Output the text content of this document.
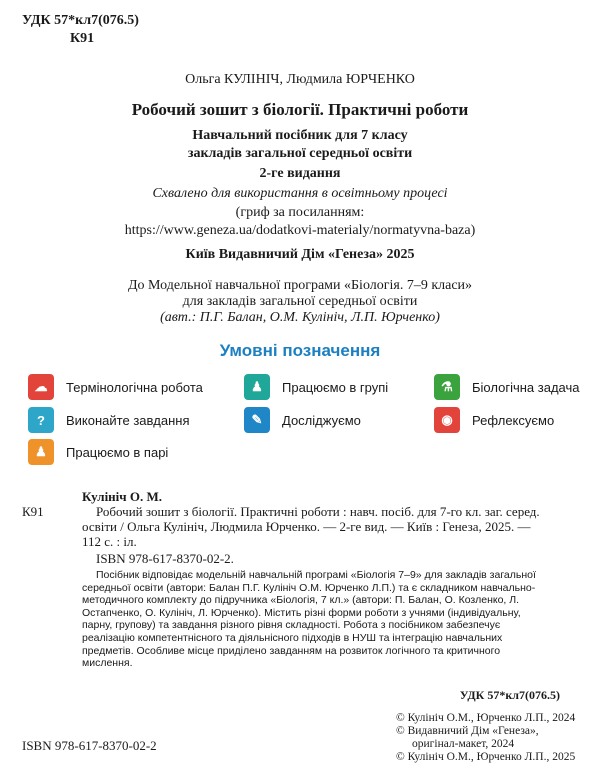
УДК 57*кл7(076.5)
К91
Ольга КУЛІНІЧ, Людмила ЮРЧЕНКО
Робочий зошит з біології. Практичні роботи
Навчальний посібник для 7 класу
закладів загальної середньої освіти
2-ге видання
Схвалено для використання в освітньому процесі
(гриф за посиланням:
https://www.geneza.ua/dodatkovi-materialy/normatyvna-baza)
Київ Видавничий Дім «Генеза» 2025
До Модельної навчальної програми «Біологія. 7–9 класи»
для закладів загальної середньої освіти
(авт.: П.Г. Балан, О.М. Кулініч, Л.П. Юрченко)
Умовні позначення
☁	Термінологічна робота	♟	Працюємо в групі	⚗	Біологічна задача
?	Виконайте завдання	✎	Досліджуємо	◉	Рефлексуємо
♟	Працюємо в парі
К91
Кулініч О. М.
Робочий зошит з біології. Практичні роботи : навч. посіб. для 7-го кл. заг. серед. освіти / Ольга Кулініч, Людмила Юрченко. — 2-ге вид. — Київ : Генеза, 2025. — 112 с. : іл.
ISBN 978-617-8370-02-2.
Посібник відповідає модельній навчальній програмі «Біологія 7–9» для закладів загальної середньої освіти (автори: Балан П.Г. Кулініч О.М. Юрченко Л.П.) та є складником навчально-методичного комплекту до підручника «Біологія, 7 кл.» (автори: П. Балан, О. Козленко, Л. Остапченко, О. Кулініч, Л. Юрченко). Містить різні форми роботи з учнями (індивідуальну, парну, групову) та завдання різного рівня складності. Робота з посібником забезпечує реалізацію компетентнісного та діяльнісного підходів в НУШ та інтеграцію навчальних предметів. Особливе місце приділено завданням на розвиток логічного та критичного мислення.
УДК 57*кл7(076.5)
ISBN 978-617-8370-02-2
© Кулініч О.М., Юрченко Л.П., 2024
© Видавничий Дім «Генеза»,
оригінал-макет, 2024
© Кулініч О.М., Юрченко Л.П., 2025
